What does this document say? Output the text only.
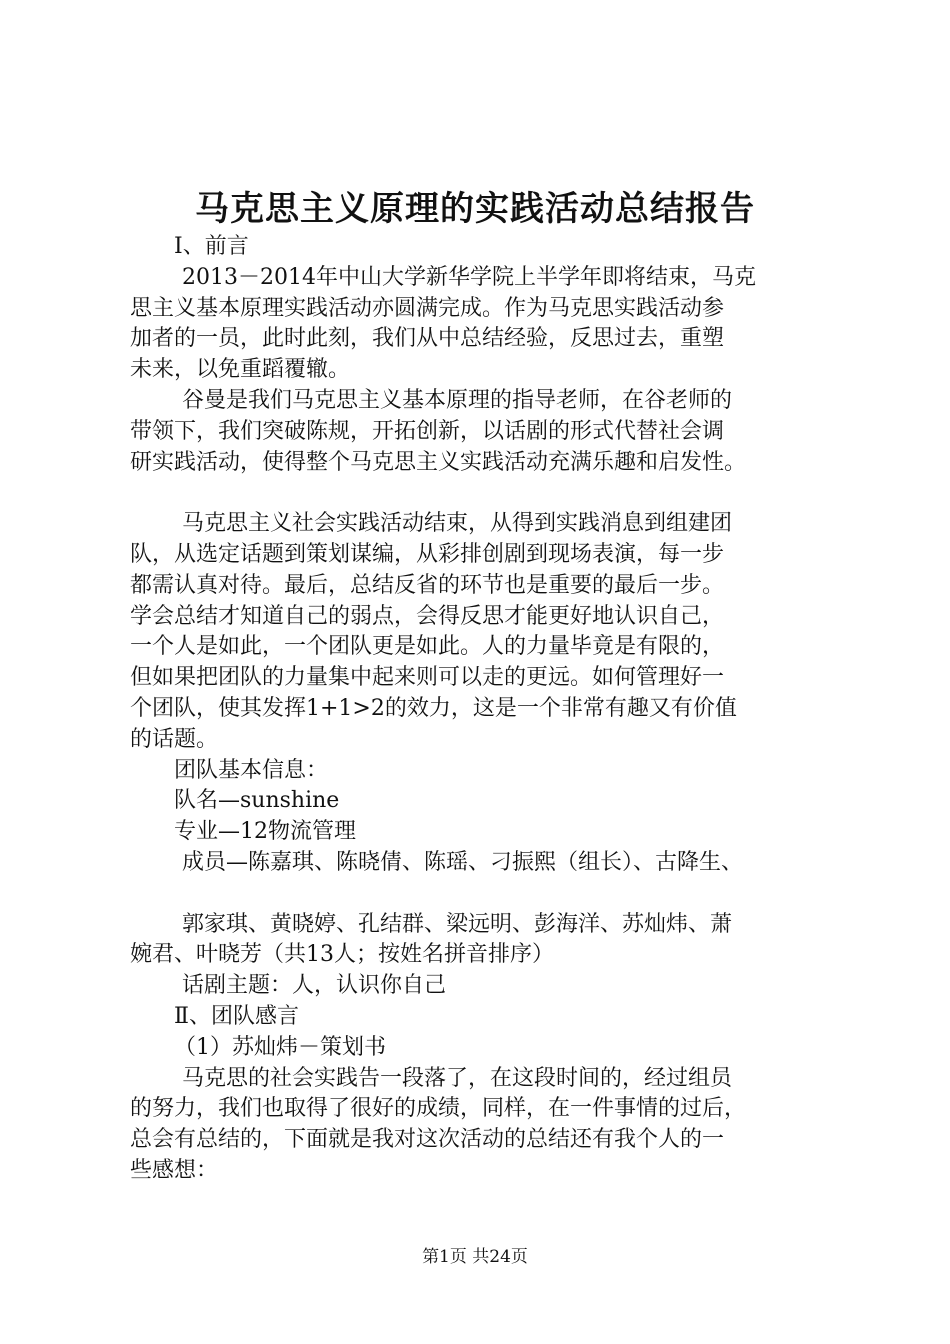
马克思主义原理的实践活动总结报告
Ⅰ、前言
2013－2014年中山大学新华学院上半学年即将结束，马克
思主义基本原理实践活动亦圆满完成。作为马克思实践活动参
加者的一员，此时此刻，我们从中总结经验，反思过去，重塑
未来，以免重蹈覆辙。
谷曼是我们马克思主义基本原理的指导老师，在谷老师的
带领下，我们突破陈规，开拓创新，以话剧的形式代替社会调
研实践活动，使得整个马克思主义实践活动充满乐趣和启发性。
马克思主义社会实践活动结束，从得到实践消息到组建团
队，从选定话题到策划谋编，从彩排创剧到现场表演，每一步
都需认真对待。最后，总结反省的环节也是重要的最后一步。
学会总结才知道自己的弱点，会得反思才能更好地认识自己，
一个人是如此，一个团队更是如此。人的力量毕竟是有限的，
但如果把团队的力量集中起来则可以走的更远。如何管理好一
个团队，使其发挥1+1>2的效力，这是一个非常有趣又有价值
的话题。
团队基本信息：
队名—sunshine
专业—12物流管理
成员—陈嘉琪、陈晓倩、陈瑶、刁振熙（组长）、古降生、
郭家琪、黄晓婷、孔结群、梁远明、彭海洋、苏灿炜、萧
婉君、叶晓芳（共13人；按姓名拼音排序）
话剧主题：人，认识你自己
Ⅱ、团队感言
（1）苏灿炜－策划书
马克思的社会实践告一段落了，在这段时间的，经过组员
的努力，我们也取得了很好的成绩，同样，在一件事情的过后，
总会有总结的，下面就是我对这次活动的总结还有我个人的一
些感想：
第1页 共24页
